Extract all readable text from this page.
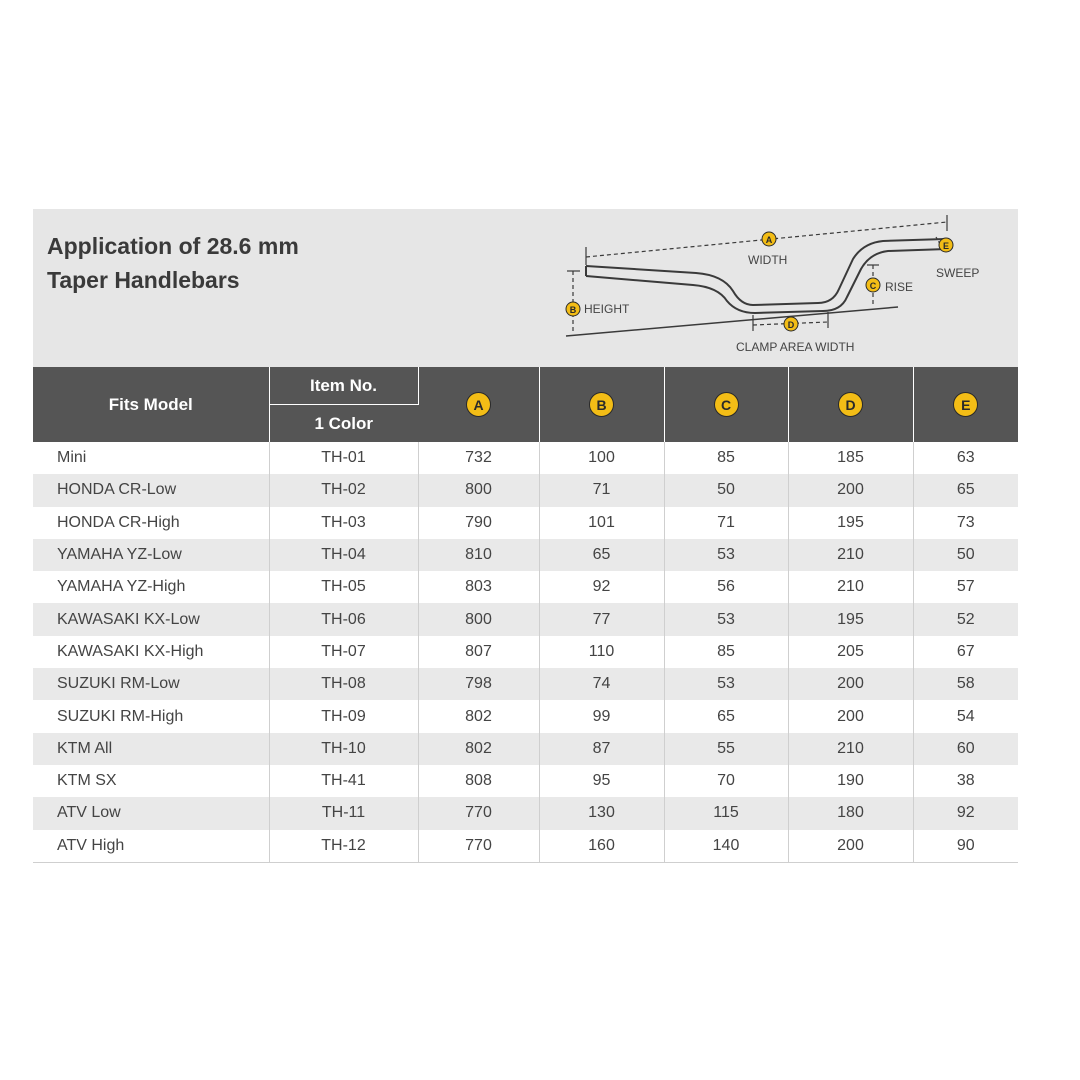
Application of 28.6 mm
Taper Handlebars
A
B
C
D
E
WIDTH
HEIGHT
RISE
SWEEP
CLAMP AREA WIDTH
Fits Model	Item No.	A	B	C	D	E
	1 Color					
Mini	TH-01	732	100	85	185	63
HONDA CR-Low	TH-02	800	71	50	200	65
HONDA CR-High	TH-03	790	101	71	195	73
YAMAHA YZ-Low	TH-04	810	65	53	210	50
YAMAHA YZ-High	TH-05	803	92	56	210	57
KAWASAKI KX-Low	TH-06	800	77	53	195	52
KAWASAKI KX-High	TH-07	807	110	85	205	67
SUZUKI RM-Low	TH-08	798	74	53	200	58
SUZUKI RM-High	TH-09	802	99	65	200	54
KTM All	TH-10	802	87	55	210	60
KTM SX	TH-41	808	95	70	190	38
ATV Low	TH-11	770	130	115	180	92
ATV High	TH-12	770	160	140	200	90
